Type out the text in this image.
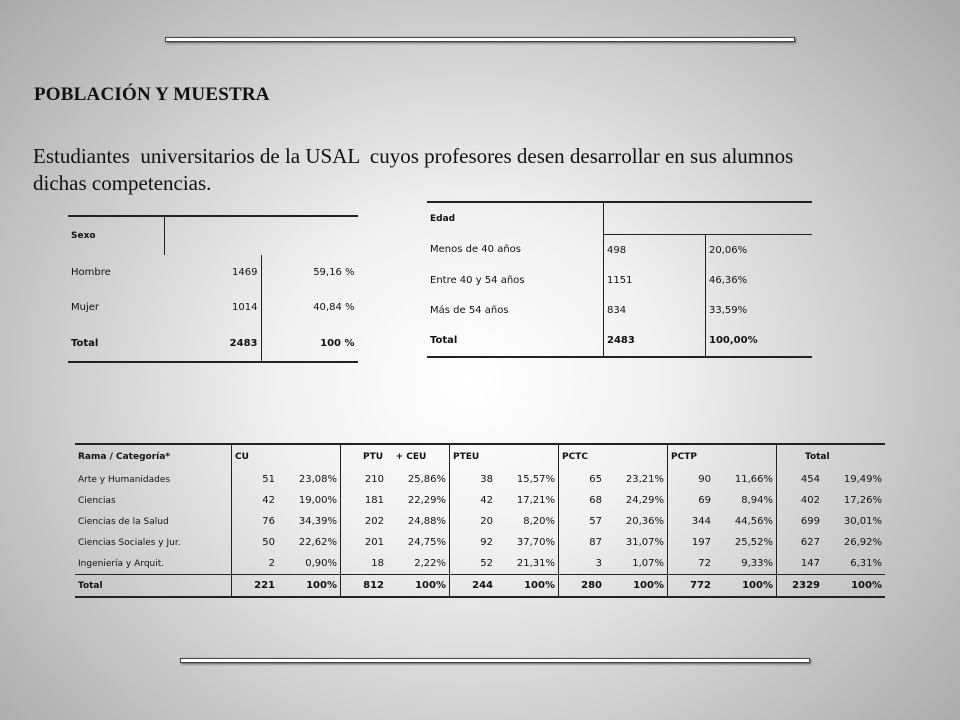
POBLACIÓN Y MUESTRA
Estudiantes  universitarios de la USAL  cuyos profesores desen desarrollar en sus alumnos dichas competencias.
Sexo		
Hombre	1469	59,16 %
Mujer	1014	40,84 %
Total	2483	100 %
Edad		
Menos de 40 años	498	20,06%
Entre 40 y 54 años	1151	46,36%
Más de 54 años	834	33,59%
Total	2483	100,00%
Rama / Categoría*	CU		PTU    + CEU		PTEU		PCTC		PCTP		Total	
Arte y Humanidades	51	23,08%	210	25,86%	38	15,57%	65	23,21%	90	11,66%	454	19,49%
Ciencias	42	19,00%	181	22,29%	42	17,21%	68	24,29%	69	8,94%	402	17,26%
Ciencias de la Salud	76	34,39%	202	24,88%	20	8,20%	57	20,36%	344	44,56%	699	30,01%
Ciencias Sociales y Jur.	50	22,62%	201	24,75%	92	37,70%	87	31,07%	197	25,52%	627	26,92%
Ingeniería y Arquit.	2	0,90%	18	2,22%	52	21,31%	3	1,07%	72	9,33%	147	6,31%
Total	221	100%	812	100%	244	100%	280	100%	772	100%	2329	100%
